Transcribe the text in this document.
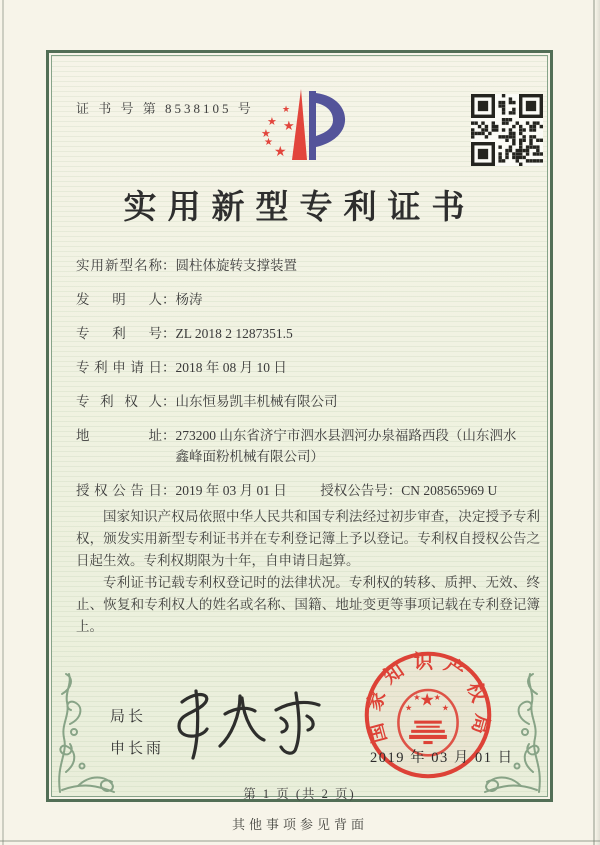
证 书 号 第 8538105 号	★
★ ★
★
★
★
实用新型专利证书
实用新型名称：圆柱体旋转支撑装置
发明人：杨涛
专利号：ZL 2018 2 1287351.5
专利申请日：2018 年 08 月 10 日
专利权人：山东恒易凯丰机械有限公司
地址：273200 山东省济宁市泗水县泗河办泉福路西段（山东泗水鑫峰面粉机械有限公司）
授权公告日：2019 年 03 月 01 日 授权公告号：CN 208565969 U
国家知识产权局依照中华人民共和国专利法经过初步审查，决定授予专利权，颁发实用新型专利证书并在专利登记簿上予以登记。专利权自授权公告之日起生效。专利权期限为十年，自申请日起算。
专利证书记载专利权登记时的法律状况。专利权的转移、质押、无效、终止、恢复和专利权人的姓名或名称、国籍、地址变更等事项记载在专利登记簿上。
局长
申长雨
国家知识产权局
★
★
★ ★
★
2019 年 03 月 01 日
第 1 页 (共 2 页)
其他事项参见背面
